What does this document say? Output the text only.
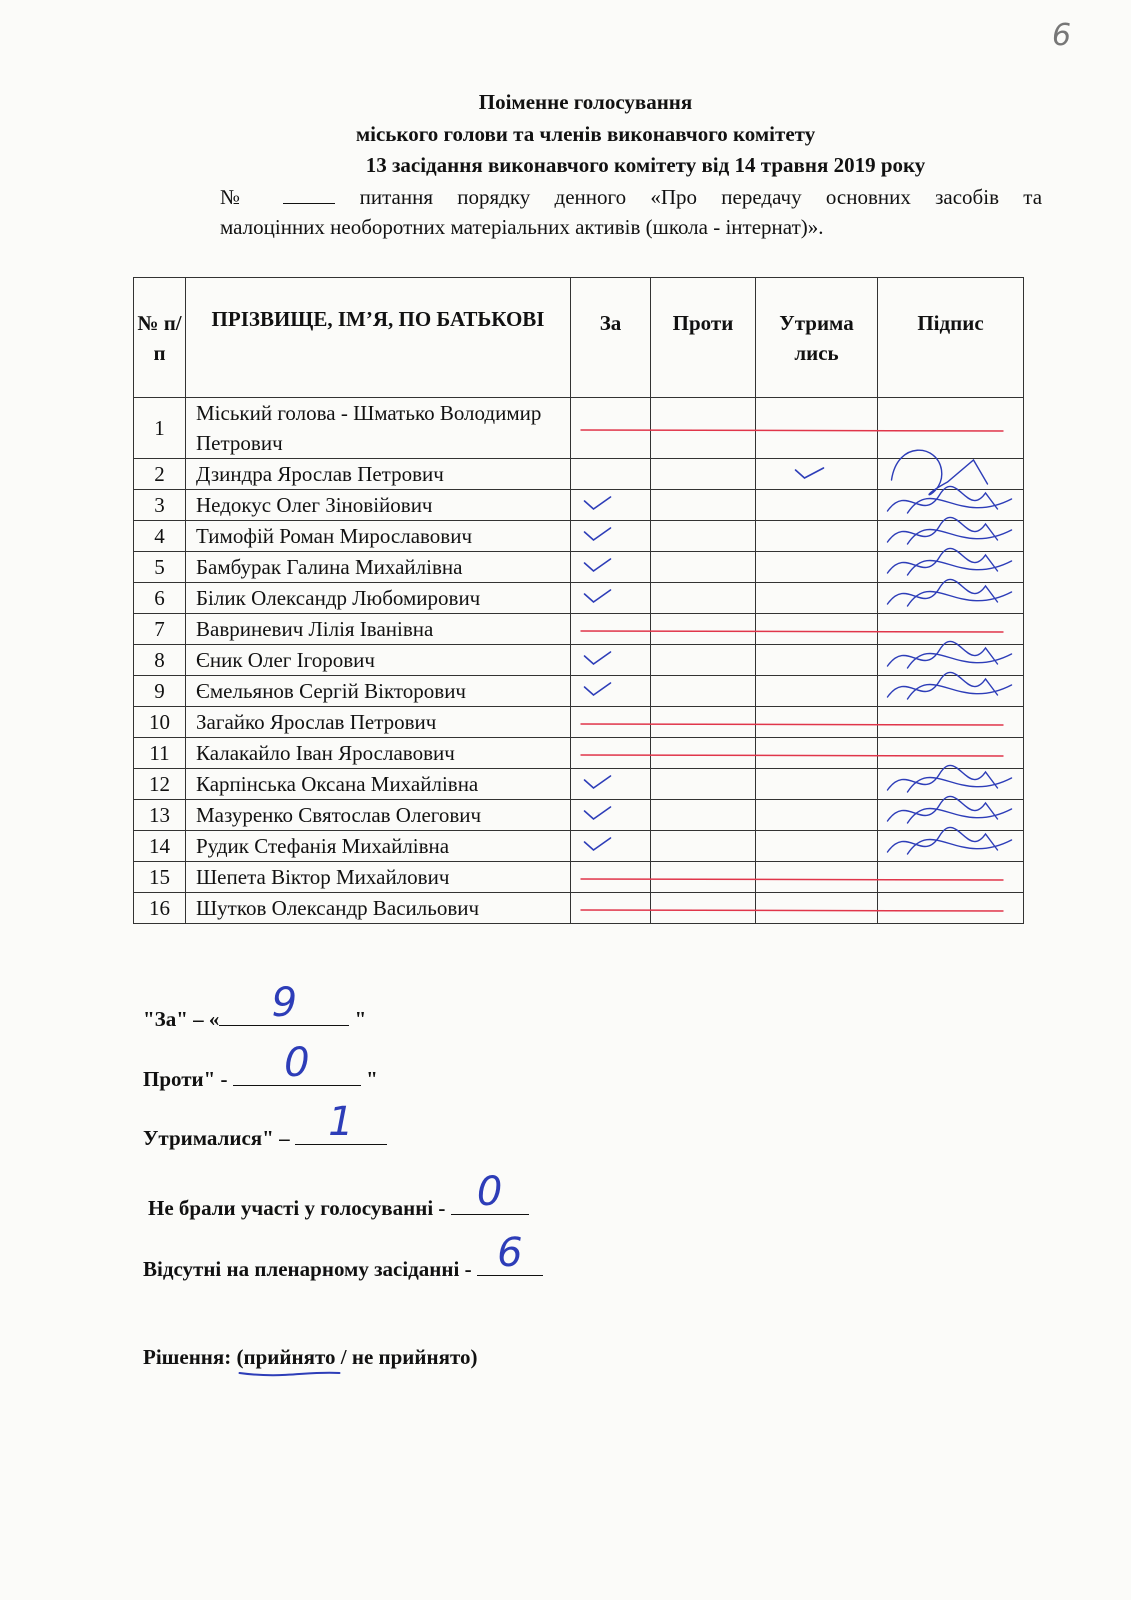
6
Поіменне голосування
міського голови та членів виконавчого комітету
13 засідання виконавчого комітету від 14 травня 2019 року
№	питання порядку денного «Про передачу основних засобів та
малоцінних необоротних матеріальних активів (школа - інтернат)».
№ п/ п	ПРІЗВИЩЕ, ІМ’Я, ПО БАТЬКОВІ	За	Проти	Утрима лись	Підпис
1	Міський голова - Шматько Володимир Петрович				
2	Дзиндра Ярослав Петрович				
3	Недокус Олег Зіновійович				
4	Тимофій Роман Мирославович				
5	Бамбурак Галина Михайлівна				
6	Білик Олександр Любомирович				
7	Вавриневич Лілія Іванівна				
8	Єник Олег Ігорович				
9	Ємельянов Сергій Вікторович				
10	Загайко Ярослав Петрович				
11	Калакайло Іван Ярославович				
12	Карпінська Оксана Михайлівна				
13	Мазуренко Святослав Олегович				
14	Рудик Стефанія Михайлівна				
15	Шепета Віктор Михайлович				
16	Шутков Олександр Васильович				
"За" – «	9	"
Проти" -	0	"
Утрималися" – 1
Не брали участі у голосуванні - 0
Відсутні на пленарному засіданні - 6
Рішення: (прийнято / не прийнято)
